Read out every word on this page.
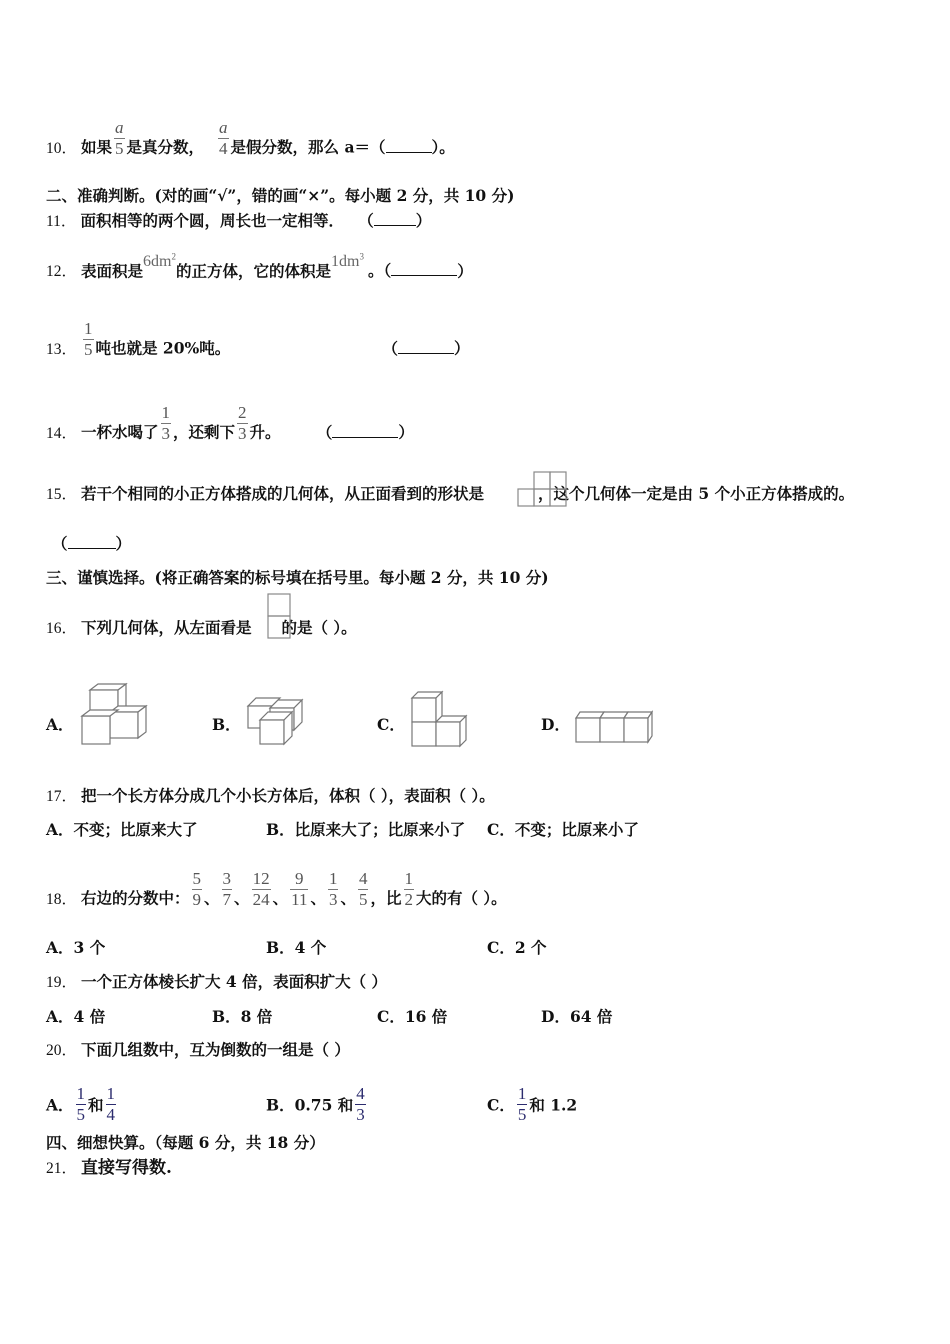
10． 如果 $\frac{a}{5}$ 是真分数， $\frac{a}{4}$ 是假分数，那么 a＝（	）。
二、准确判断。(对的画“√”，错的画“×”。每小题 2 分，共 10 分)
11． 面积相等的两个圆，周长也一定相等． （	）
12． 表面积是$6dm^2$的正方体，它的体积是$1dm^3$。（	）
13． $\frac{1}{5}$ 吨也就是 20%吨。	（	）
14． 一杯水喝了 $\frac{1}{3}$ ，还剩下 $\frac{2}{3}$ 升。	（	）
15． 若干个相同的小正方体搭成的几何体，从正面看到的形状是	，这个几何体一定是由 5 个小正方体搭成的。
（	）
三、谨慎选择。(将正确答案的标号填在括号里。每小题 2 分，共 10 分)
16． 下列几何体，从左面看是 的是（ ）。
A．	B．	C．	D．
17． 把一个长方体分成几个小长方体后，体积（ ），表面积（ ）。
A．不变；比原来大了	B．比原来大了；比原来小了 C．不变；比原来小了
18． 右边的分数中： $\frac{5}{9}$ 、 $\frac{3}{7}$ 、 $\frac{12}{24}$ 、 $\frac{9}{11}$ 、 $\frac{1}{3}$ 、 $\frac{4}{5}$ ，比 $\frac{1}{2}$ 大的有（ ）。
A．3 个	B．4 个	C．2 个
19． 一个正方体棱长扩大 4 倍，表面积扩大（ ）
A．4 倍	B．8 倍	C．16 倍	D．64 倍
20． 下面几组数中，互为倒数的一组是（ ）
A． $\frac{1}{5}$ 和 $\frac{1}{4}$	B．0.75 和 $\frac{4}{3}$	C． $\frac{1}{5}$ 和 1.2
四、细想快算。（每题 6 分，共 18 分）
21． 直接写得数.
